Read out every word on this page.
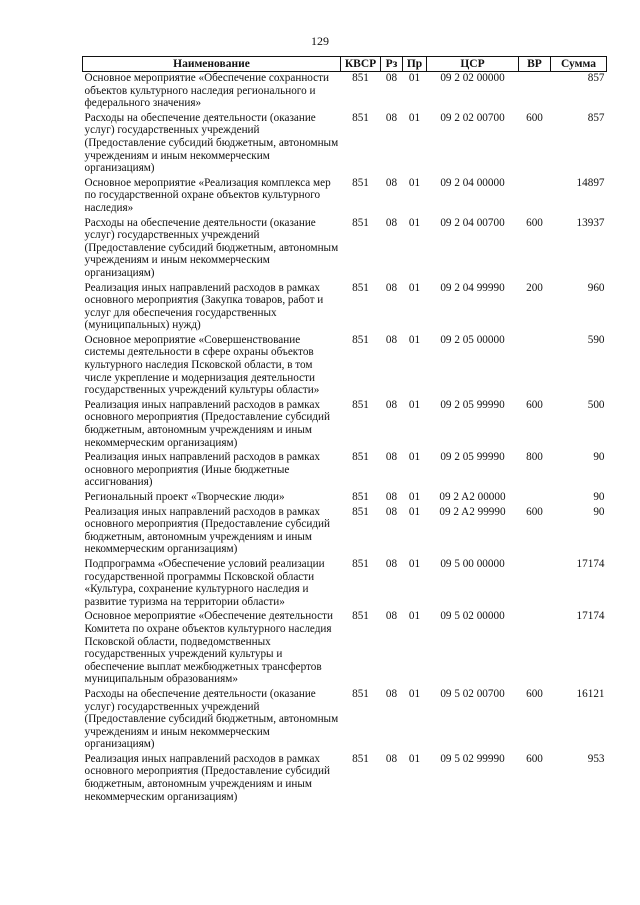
129
Наименование	КВСР	Рз	Пр	ЦСР	ВР	Сумма
Основное мероприятие «Обеспечение сохранности объектов культурного наследия регионального и федерального значения»	851	08	01	09 2 02 00000		857
Расходы на обеспечение деятельности (оказание услуг) государственных учреждений (Предоставление субсидий бюджетным, автономным учреждениям и иным некоммерческим организациям)	851	08	01	09 2 02 00700	600	857
Основное мероприятие «Реализация комплекса мер по государственной охране объектов культурного наследия»	851	08	01	09 2 04 00000		14897
Расходы на обеспечение деятельности (оказание услуг) государственных учреждений (Предоставление субсидий бюджетным, автономным учреждениям и иным некоммерческим организациям)	851	08	01	09 2 04 00700	600	13937
Реализация иных направлений расходов в рамках основного мероприятия (Закупка товаров, работ и услуг для обеспечения государственных (муниципальных) нужд)	851	08	01	09 2 04 99990	200	960
Основное мероприятие «Совершенствование системы деятельности в сфере охраны объектов культурного наследия Псковской области, в том числе укрепление и модернизация деятельности государственных учреждений культуры области»	851	08	01	09 2 05 00000		590
Реализация иных направлений расходов в рамках основного мероприятия (Предоставление субсидий бюджетным, автономным учреждениям и иным некоммерческим организациям)	851	08	01	09 2 05 99990	600	500
Реализация иных направлений расходов в рамках основного мероприятия (Иные бюджетные ассигнования)	851	08	01	09 2 05 99990	800	90
Региональный проект «Творческие люди»	851	08	01	09 2 A2 00000		90
Реализация иных направлений расходов в рамках основного мероприятия (Предоставление субсидий бюджетным, автономным учреждениям и иным некоммерческим организациям)	851	08	01	09 2 A2 99990	600	90
Подпрограмма «Обеспечение условий реализации государственной программы Псковской области «Культура, сохранение культурного наследия и развитие туризма на территории области»	851	08	01	09 5 00 00000		17174
Основное мероприятие «Обеспечение деятельности Комитета по охране объектов культурного наследия Псковской области, подведомственных государственных учреждений культуры и обеспечение выплат межбюджетных трансфертов муниципальным образованиям»	851	08	01	09 5 02 00000		17174
Расходы на обеспечение деятельности (оказание услуг) государственных учреждений (Предоставление субсидий бюджетным, автономным учреждениям и иным некоммерческим организациям)	851	08	01	09 5 02 00700	600	16121
Реализация иных направлений расходов в рамках основного мероприятия (Предоставление субсидий бюджетным, автономным учреждениям и иным некоммерческим организациям)	851	08	01	09 5 02 99990	600	953
